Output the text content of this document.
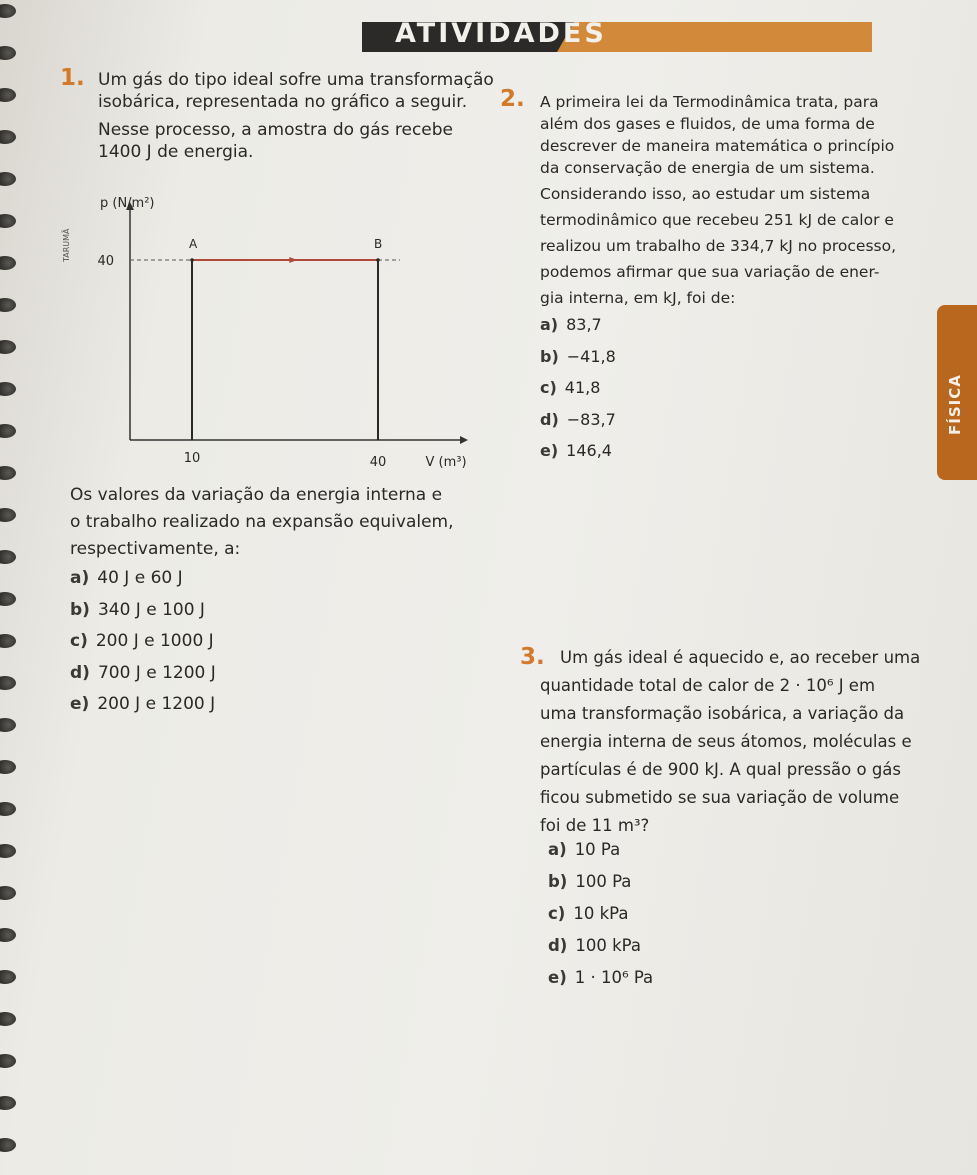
ATIVIDADES
FÍSICA
1. Um gás do tipo ideal sofre uma transformação
isobárica, representada no gráfico a seguir.
Nesse processo, a amostra do gás recebe
1400 J de energia.
TARUMÃ	A	B
40
10	40
p (N/m²)
V (m³)
Os valores da variação da energia interna e
o trabalho realizado na expansão equivalem,
respectivamente, a:
a) 40 J e 60 J
b) 340 J e 100 J
c) 200 J e 1000 J
d) 700 J e 1200 J
e) 200 J e 1200 J
2. A primeira lei da Termodinâmica trata, para
além dos gases e fluidos, de uma forma de
descrever de maneira matemática o princípio
da conservação de energia de um sistema.
Considerando isso, ao estudar um sistema
termodinâmico que recebeu 251 kJ de calor e
realizou um trabalho de 334,7 kJ no processo,
podemos afirmar que sua variação de ener-
gia interna, em kJ, foi de:
a) 83,7
b) −41,8
c) 41,8
d) −83,7
e) 146,4
3. Um gás ideal é aquecido e, ao receber uma
quantidade total de calor de 2 · 10⁶ J em
uma transformação isobárica, a variação da
energia interna de seus átomos, moléculas e
partículas é de 900 kJ. A qual pressão o gás
ficou submetido se sua variação de volume
foi de 11 m³?
a) 10 Pa
b) 100 Pa
c) 10 kPa
d) 100 kPa
e) 1 · 10⁶ Pa
